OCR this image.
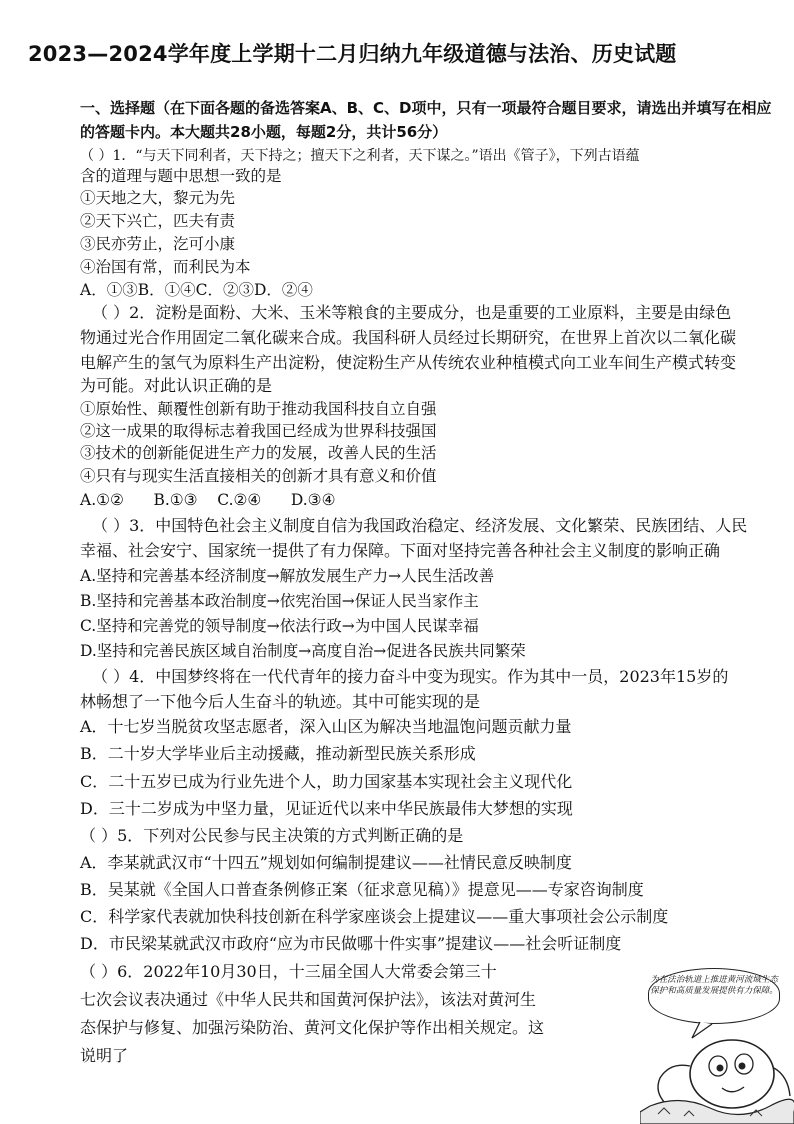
2023—2024学年度上学期十二月归纳九年级道德与法治、历史试题
一、选择题（在下面各题的备选答案A、B、C、D项中，只有一项最符合题目要求，请选出并填写在相应
的答题卡内。本大题共28小题，每题2分，共计56分）
（ ）1．“与天下同利者，天下持之；擅天下之利者，天下谋之。”语出《管子》，下列古语蕴
含的道理与题中思想一致的是
①天地之大，黎元为先
②天下兴亡，匹夫有责
③民亦劳止，汔可小康
④治国有常，而利民为本
A．①③B．①④C．②③D．②④
（ ）2．淀粉是面粉、大米、玉米等粮食的主要成分，也是重要的工业原料，主要是由绿色
物通过光合作用固定二氧化碳来合成。我国科研人员经过长期研究，在世界上首次以二氧化碳
电解产生的氢气为原料生产出淀粉，使淀粉生产从传统农业种植模式向工业车间生产模式转变
为可能。对此认识正确的是
①原始性、颠覆性创新有助于推动我国科技自立自强
②这一成果的取得标志着我国已经成为世界科技强国
③技术的创新能促进生产力的发展，改善人民的生活
④只有与现实生活直接相关的创新才具有意义和价值
A.①②      B.①③    C.②④      D.③④
（ ）3．中国特色社会主义制度自信为我国政治稳定、经济发展、文化繁荣、民族团结、人民
幸福、社会安宁、国家统一提供了有力保障。下面对坚持完善各种社会主义制度的影响正确
A.坚持和完善基本经济制度→解放发展生产力→人民生活改善
B.坚持和完善基本政治制度→依宪治国→保证人民当家作主
C.坚持和完善党的领导制度→依法行政→为中国人民谋幸福
D.坚持和完善民族区域自治制度→高度自治→促进各民族共同繁荣
（ ）4．中国梦终将在一代代青年的接力奋斗中变为现实。作为其中一员，2023年15岁的
林畅想了一下他今后人生奋斗的轨迹。其中可能实现的是
A．十七岁当脱贫攻坚志愿者，深入山区为解决当地温饱问题贡献力量
B．二十岁大学毕业后主动援藏，推动新型民族关系形成
C．二十五岁已成为行业先进个人，助力国家基本实现社会主义现代化
D．三十二岁成为中坚力量，见证近代以来中华民族最伟大梦想的实现
（ ）5．下列对公民参与民主决策的方式判断正确的是
A．李某就武汉市“十四五”规划如何编制提建议——社情民意反映制度
B．吴某就《全国人口普查条例修正案（征求意见稿）》提意见——专家咨询制度
C．科学家代表就加快科技创新在科学家座谈会上提建议——重大事项社会公示制度
D．市民梁某就武汉市政府“应为市民做哪十件实事”提建议——社会听证制度
（ ）6．2022年10月30日，十三届全国人大常委会第三十
七次会议表决通过《中华人民共和国黄河保护法》，该法对黄河生
态保护与修复、加强污染防治、黄河文化保护等作出相关规定。这
说明了
为在法治轨道上推进黄河流域生态保护和高质量发展提供有力保障。
